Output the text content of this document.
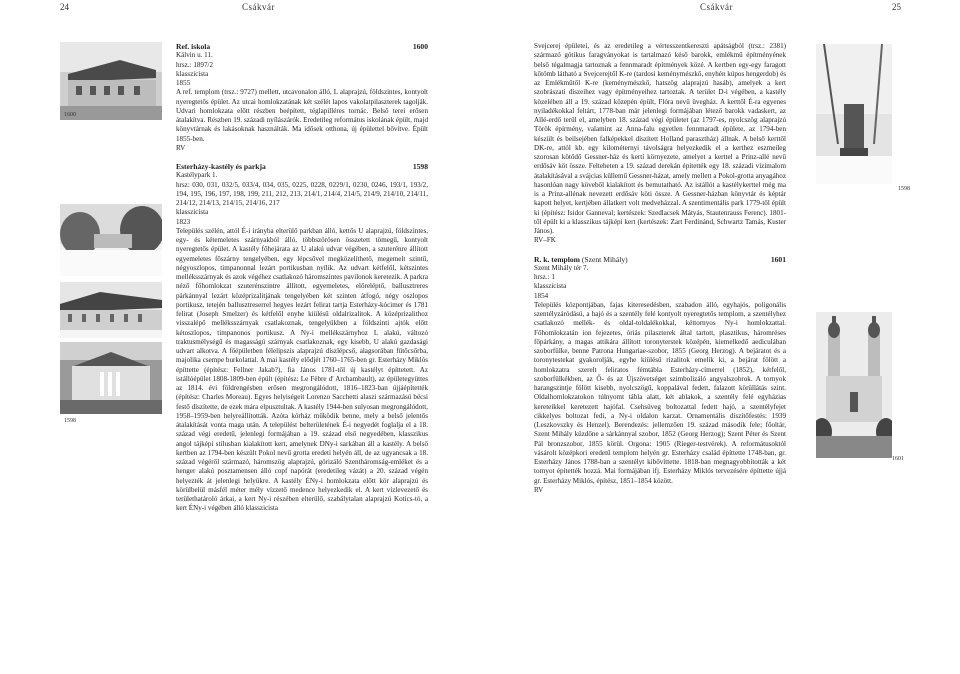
24	Csákvár
1600
1598
Ref. iskola	1600

Kálvin u. 11.

hrsz.: 1897/2

klasszicista

1855

A ref. templom (trsz.: 9727) mellett, utcavonalon álló, L alaprajzú, földszintes, kontyolt nyeregtetős épület. Az utcai homlokzatának két szélét lapos vakolatpilaszterek tagolják. Udvari homlokzata előtt részben beépített, téglapilléres tornác. Belső terei erősen átalakítva. Részben 19. századi nyílászárók. Eredetileg református iskolának épült, majd könyvtárnak és lakásoknak használták. Ma idősek otthona, új épülettel bővítve. Épült 1855-ben.

RV

Esterházy-kastély és parkja	1598

Kastélypark 1.

hrsz: 030, 031, 032/5, 033/4, 034, 035, 0225, 0228, 0229/1, 0230, 0246, 193/1, 193/2, 194, 195, 196, 197, 198, 199, 211, 212, 213, 214/1, 214/4, 214/5, 214/9, 214/10, 214/11, 214/12, 214/13, 214/15, 214/16, 217

klasszicista

1823

Település szélén, attól É-i irányba elterülő parkban álló, kettős U alaprajzú, földszintes, egy- és kétemeletes szárnyakból álló, többszörösen összetett tömegű, kontyolt nyeregtetős épület. A kastély főhejárata az U alakú udvar végében, a szuterénre állított egyemeletes főszárny tengelyében, egy lépcsővel megközelíthető, megemelt szintű, négyoszlopos, timpanonnal lezárt portikusban nyílik. Az udvart kétfelől, kétszintes melléksszárnyak és azok végéhez csatlakozó háromszintes pavilonok keretezik. A parkra néző főhomlokzat szuterénszintre állított, egyemeletes, előreléptő, ballusztreres párkánnyal lezárt középrizalitjának tengelyében két szinten átfogó, négy oszlopos portikusz, tetején ballusztreserrel hegyes lezárt felirat tartja Esterházy-kócimer és 1781 felirat (Joseph Smelzer) és kétfelől enyhe kiülésű oldalrizalitok. A középrizalithoz visszalépő melléksszárnyak csatlakoznak, tengelyükben a földszinti ajtók előtt kétoszlopos, timpanonos portikusz. A Ny-i mellékszárnyhoz L alakú, változó traktusmélységű és magasságú szárnyak csatlakoznak, egy kisebb, U alakú gazdasági udvart alkotva. A főépületben félelipszis alaprajzú díszlépcső, alagsorában fűtőcsőrba, majolika csempe burkolattal. A mai kastély elődjét 1760–1765-ben gr. Esterházy Miklós építtette (építész: Fellner Jakab?), fia János 1781-től új kastélyt építtetett. Az istállóépület 1808-1809-ben épült (építész: Le Fèbre d' Archambault), az épületegyüttes az 1814. évi földrengésben erősen megrongálódott, 1816–1823-ban újjáépítették (építész: Charles Moreau). Egyes helyiségeit Lorenzo Sacchetti alaszi származású bécsi festő díszítette, de ezek mára elpusztultak. A kastély 1944-ben sulyosan megrongálódott, 1958–1959-ben helyreállították. Azóta kórház működik benne, mely a belső jelentős átalakítását vonta maga után. A települést belterületének É-i negyedét foglalja el a 18. század végi eredetű, jelenlegi formájában a 19. század első negyedében, klasszikus angol tájképi stílusban kialakított kert, amelynek DNy-i sarkában áll a kastély. A belső kertben az 1794-ben készült Pokol nevű grotta eredeti helyén áll, de az ugyancsak a 18. század végéről származó, háromszög alaprajzú, görizáló Szentháromság-emléket és a henger alakú posztamensen álló copf napórát (eredetileg vázát) a 20. század végén helyezték át jelenlegi helyükre. A kastély ÉNy-i homlokzata előtt kör alaprajzú és körülbelül másfél méter mély vízzető medence helyezkedik el. A kert vízlevezető és területhatároló árkai, a kert Ny-i részében elterülő, szabálytalan alaprajzú Kotics-tó, a kert ÉNy-i végében álló klasszicista

Csákvár	25

Svejcerej épületei, és az eredetileg a vértesszentkereszti apátságból (trsz.: 2381) származó gótikus faragványokat is tartalmazó késő barokk, emlékmű építményének belső tégalmagja tartoznak a fennmaradt építmények közé. A kertben egy-egy faragott kőtömb látható a Svejcerejtől K-re (tardosi keménymészkő, enyhén kúpos hengerdob) és az Emlékműtől K-re (keménymészkő, hatszög alaprajzú hasáb), amelyek a kert szobrászati díszeihez vagy építményeihez tartoztak. A terület D-i végében, a kastély közelében áll a 19. század közepén épült, Flóra nevű üvegház. A kerttől É-ra egyenes nyiladékokkal feltárt, 1778-ban már jelenlegi formájában létező barokk vadaskert, az Allé-erdő terül el, amelyben 18. század végi épületet (az 1797-es, nyolcszög alaprajzú Török épírmény, valamint az Anna-falu egyetlen fennmaradt épülete, az 1794-ben készült és beilsejében falképekkel díszített Holland parasztház) állnak. A belső kerttől DK-re, attól kb. egy kilométernyi távolságra helyezkedik el a kerthez eszmeileg szorosan kötődő Gessner-ház és kertí környezete, amelyet a kerttel a Prinz-allé nevű erdősáv köt össze. Felteheten a 19. század derekán építették egy 18. századi vízimalom átalakításával a svájcias küllemű Gessner-házat, amely mellett a Pokol-grotta anyagához hasonlóan nagy köveből kialakított és bemutatható. Az istállót a kastélykerttel még ma is a Prinz-allénak nevezett erdősáv köti össze. A Gessner-házban könyvtár és képtár kapott helyet, kertjében állatkert volt medveházzal. A szentimentális park 1779-től épült ki (építész: Isidor Ganneval; kertészek: Szedlacsek Mátyás, Stautenrauss Ferenc). 1801-től épült ki a klasszikus tájképi kert (kertészek: Zart Ferdinánd, Schwartz Tamás, Kuster János).

RV–FK

R. k. templom (Szent Mihály)	1601

Szent Mihály tér 7.

hrsz.: 1

klasszicista

1854

Település központjában, fajas kiteresedésben, szabadon álló, egyhajós, poligonális szentélyzáródású, a hajó és a szentély felé kontyolt nyeregtetős templom, a szentélyhez csatlakozó mellék- és oldal-toldalékokkal, kéttornyos Ny-i homlokzattal. Főhomlokzatán ion fejezetes, óriás pilaszterek által tartott, plasztikus, háromréses főpárkány, a magas attikára állított toronyterstek középén, kiemelkedő aediculában szoborfülke, benne Patrona Hungariae-szobor, 1855 (Georg Herzog). A bejáratot és a toronytestekat gyakorolják, egyhe kiülésű rizalitok emelik ki, a bejárat fölött a homlokzatra szerelt feliratos fémtábla Esterházy-címerrel (1852), kétfelől, szoborfülkékben, az Ő- és az Újszövetséget szimbolizáló angyalszobrok. A tornyok harangszintje fölött kisebb, nyolcszögű, koppalával fedett, falazott körüllátás szint. Oldalhomlokzatokon túlnyomt tábla alatt, két ablakok, a szentély felé egyházias kereteikkel keretezett hajófal. Csehsüveg boltozattal fedett hajó, a szentélyfejet cikkelyes boltozat fedi, a Ny-i oldalon karzat. Ornamentális díszítőfestés: 1939 (Leszkovszky és Henzel). Berendezés: jellemzően 19. század második fele; főoltár, Szent Mihály küzdőne a sárkánnyal szobor, 1852 (Georg Herzog); Szent Péter és Szent Pál bronzszobor, 1855 körül. Orgona: 1905 (Rieger-testvérek). A reformátusoktól vásárolt középkori eredetű templom helyén gr. Esterházy család építtette 1748-ban, gr. Esterházy János 1788-ban a szentélyt kibővíttette. 1818-ban megnagyobbították a két tornyot építették hozzá. Mai formájában ifj. Esterházy Miklós tervezésére építtette újjá gr. Esterházy Miklós, építész, 1851–1854 között.

RV

1598
1601
